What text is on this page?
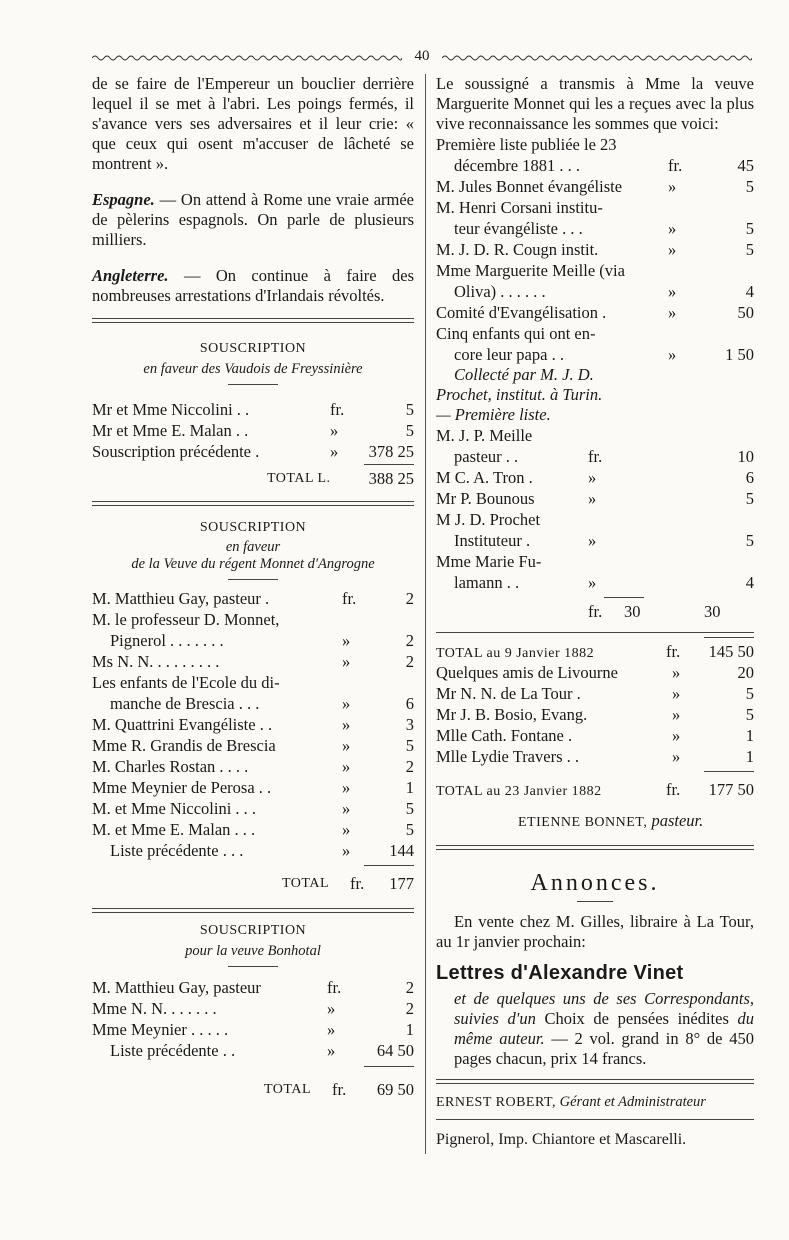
40

de se faire de l'Empereur un bouclier derrière lequel il se met à l'abri. Les poings fermés, il s'avance vers ses adversaires et il leur crie: « que ceux qui osent m'accuser de lâcheté se montrent ».

Espagne. — On attend à Rome une vraie armée de pèlerins espagnols. On parle de plusieurs milliers.

Angleterre. — On continue à faire des nombreuses arrestations d'Irlandais révoltés.

SOUSCRIPTION

en faveur des Vaudois de Freyssinière

Mr et Mme Niccolini . .	fr.	5
Mr et Mme E. Malan . .	»	5
Souscription précédente .	» 378 25
TOTAL L. 388 25

SOUSCRIPTION

en faveur

de la Veuve du régent Monnet d'Angrogne

M. Matthieu Gay, pasteur .	fr.	2
M. le professeur D. Monnet,
Pignerol . . . . . . .	»	2
Ms N. N. . . . . . . . .	»	2
Les enfants de l'Ecole du di-
manche de Brescia . . .	»	6
M. Quattrini Evangéliste . .	»	3
Mme R. Grandis de Brescia	»	5
M. Charles Rostan . . . .	»	2
Mme Meynier de Perosa . .	»	1
M. et Mme Niccolini . . .	»	5
M. et Mme E. Malan . . .	»	5
Liste précédente . . .	» 144
TOTAL fr. 177

SOUSCRIPTION

pour la veuve Bonhotal

M. Matthieu Gay, pasteur	fr.	2
Mme N. N. . . . . . .	»	2
Mme Meynier . . . . .	»	1
Liste précédente . .	»	64 50
TOTAL fr. 69 50

Le soussigné a transmis à Mme la veuve Marguerite Monnet qui les a reçues avec la plus vive reconnaissance les sommes que voici:

Première liste publiée le 23
décembre 1881 . . .	fr.	45
M. Jules Bonnet évangéliste	»	5
M. Henri Corsani institu-
teur évangéliste . . .	»	5
M. J. D. R. Cougn instit.	»	5
Mme Marguerite Meille (via
Oliva) . . . . . .	»	4
Comité d'Evangélisation .	»	50
Cinq enfants qui ont en-
core leur papa . .	»	1 50

Collecté par M. J. D.

Prochet, institut. à Turin.

— Première liste.

M. J. P. Meille
pasteur . .	fr.	10
M C. A. Tron .	»	6
Mr P. Bounous	»	5
M J. D. Prochet
Instituteur .	»	5
Mme Marie Fu-
lamann . .	»	4
fr. 30	30
TOTAL au 9 Janvier 1882	fr. 145 50
Quelques amis de Livourne	»	20
Mr N. N. de La Tour .	»	5
Mr J. B. Bosio, Evang.	»	5
Mlle Cath. Fontane .	»	1
Mlle Lydie Travers . .	»	1
TOTAL au 23 Janvier 1882	fr. 177 50
ETIENNE BONNET, pasteur.

Annonces.

En vente chez M. Gilles, libraire à La Tour, au 1r janvier prochain:

Lettres d'Alexandre Vinet

et de quelques uns de ses Correspondants, suivies d'un Choix de pensées inédites du même auteur. — 2 vol. grand in 8° de 450 pages chacun, prix 14 francs.

ERNEST ROBERT, Gérant et Administrateur

Pignerol, Imp. Chiantore et Mascarelli.
